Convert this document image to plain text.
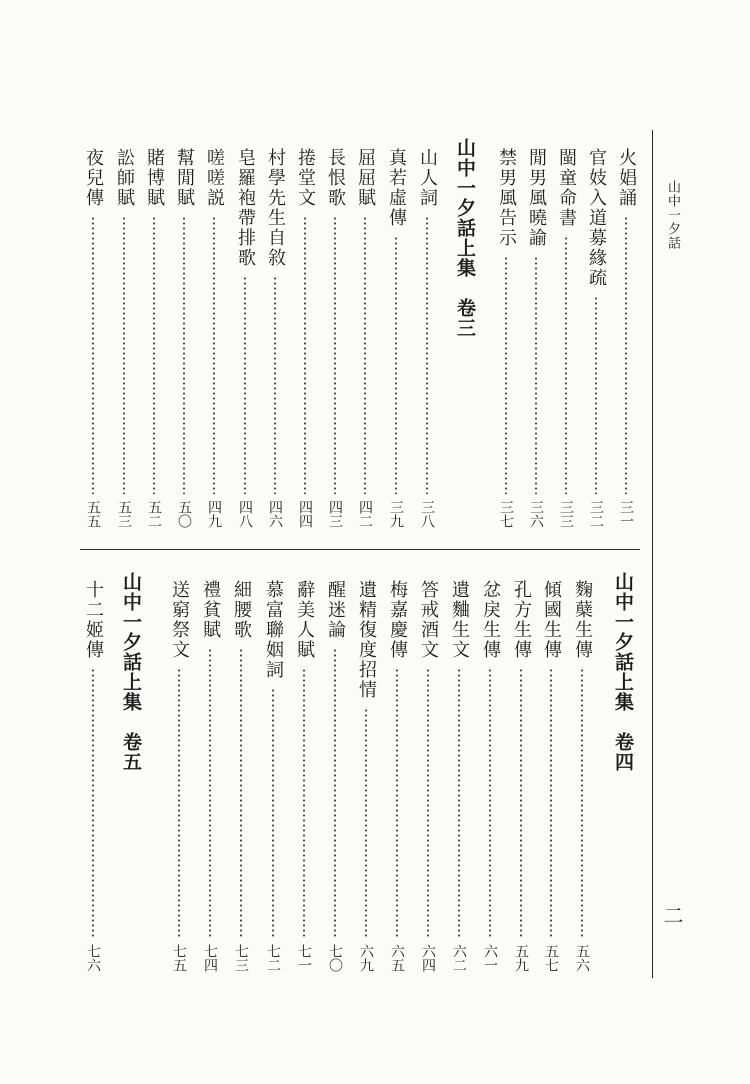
山中一夕話
二
火娼誦
三一
官妓入道募緣疏
三二
閩童命書
三三
閒男風曉諭
三六
禁男風告示
三七
山中一夕話上集　卷三
山人詞
三八
真若虛傳
三九
屈屈賦
四二
長恨歌
四三
捲堂文
四四
村學先生自敘
四六
皂羅袍帶排歌
四八
嗟嗟説
四九
幫閒賦
五〇
賭博賦
五二
訟師賦
五三
夜兒傳
五五
山中一夕話上集　卷四
麴蘖生傳
五六
傾國生傳
五七
孔方生傳
五九
忿戾生傳
六一
遺麯生文
六二
答戒酒文
六四
梅嘉慶傳
六五
遺精復度招情
六九
醒迷論
七〇
辭美人賦
七一
慕富聯姻詞
七二
細腰歌
七三
禮貧賦
七四
送窮祭文
七五
山中一夕話上集　卷五
十二姬傳
七六
